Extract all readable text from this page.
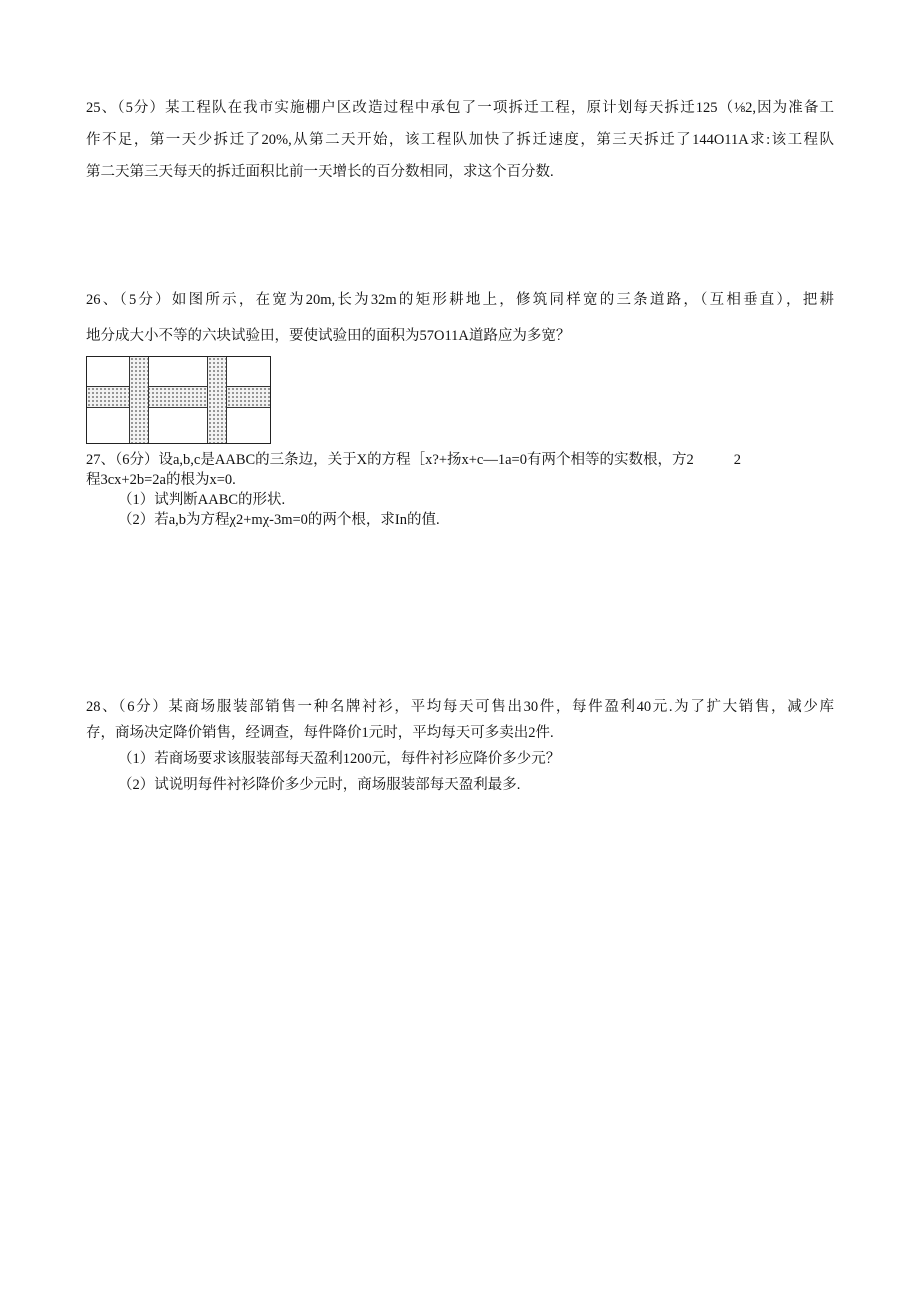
25、（5分）某工程队在我市实施棚户区改造过程中承包了一项拆迁工程，原计划每天拆迁125（⅛2,因为准备工
作不足，第一天少拆迁了20%,从第二天开始，该工程队加快了拆迁速度，第三天拆迁了144O11A求:该工程队
第二天第三天每天的拆迁面积比前一天增长的百分数相同，求这个百分数.
26、（5分）如图所示，在宽为20m,长为32m的矩形耕地上，修筑同样宽的三条道路，（互相垂直），把耕
地分成大小不等的六块试验田，要使试验田的面积为57O11A道路应为多宽？
27、（6分）设a,b,c是AABC的三条边，关于X的方程［x?+扬x+c—1a=0有两个相等的实数根，方2	2
程3cx+2b=2a的根为x=0.
（1）试判断AABC的形状.
（2）若a,b为方程χ2+mχ-3m=0的两个根，求In的值.
28、（6分）某商场服装部销售一种名牌衬衫，平均每天可售出30件，每件盈利40元.为了扩大销售，减少库
存，商场决定降价销售，经调查，每件降价1元时，平均每天可多卖出2件.
（1）若商场要求该服装部每天盈利1200元，每件衬衫应降价多少元？
（2）试说明每件衬衫降价多少元时，商场服装部每天盈利最多.
